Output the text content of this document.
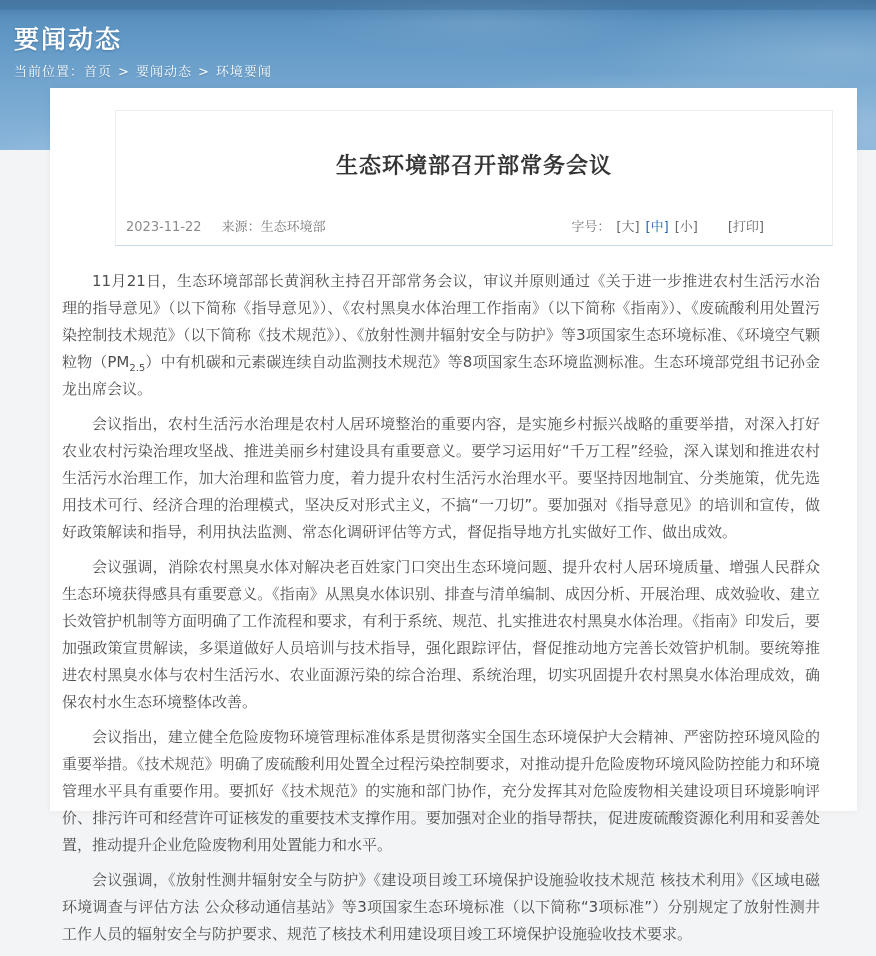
要闻动态
当前位置：首页 > 要闻动态 > 环境要闻
生态环境部召开部常务会议
2023-11-22 来源：生态环境部	字号： [大] [中] [小] [打印]

11月21日，生态环境部部长黄润秋主持召开部常务会议，审议并原则通过《关于进一步推进农村生活污水治理的指导意见》（以下简称《指导意见》）、《农村黑臭水体治理工作指南》（以下简称《指南》）、《废硫酸利用处置污染控制技术规范》（以下简称《技术规范》）、《放射性测井辐射安全与防护》等3项国家生态环境标准、《环境空气颗粒物$(PM_{2.5})$中有机碳和元素碳连续自动监测技术规范》等8项国家生态环境监测标准。生态环境部党组书记孙金龙出席会议。

会议指出，农村生活污水治理是农村人居环境整治的重要内容，是实施乡村振兴战略的重要举措，对深入打好农业农村污染治理攻坚战、推进美丽乡村建设具有重要意义。要学习运用好“千万工程”经验，深入谋划和推进农村生活污水治理工作，加大治理和监管力度，着力提升农村生活污水治理水平。要坚持因地制宜、分类施策，优先选用技术可行、经济合理的治理模式，坚决反对形式主义，不搞“一刀切”。要加强对《指导意见》的培训和宣传，做好政策解读和指导，利用执法监测、常态化调研评估等方式，督促指导地方扎实做好工作、做出成效。

会议强调，消除农村黑臭水体对解决老百姓家门口突出生态环境问题、提升农村人居环境质量、增强人民群众生态环境获得感具有重要意义。《指南》从黑臭水体识别、排查与清单编制、成因分析、开展治理、成效验收、建立长效管护机制等方面明确了工作流程和要求，有利于系统、规范、扎实推进农村黑臭水体治理。《指南》印发后，要加强政策宣贯解读，多渠道做好人员培训与技术指导，强化跟踪评估，督促推动地方完善长效管护机制。要统筹推进农村黑臭水体与农村生活污水、农业面源污染的综合治理、系统治理，切实巩固提升农村黑臭水体治理成效，确保农村水生态环境整体改善。

会议指出，建立健全危险废物环境管理标准体系是贯彻落实全国生态环境保护大会精神、严密防控环境风险的重要举措。《技术规范》明确了废硫酸利用处置全过程污染控制要求，对推动提升危险废物环境风险防控能力和环境管理水平具有重要作用。要抓好《技术规范》的实施和部门协作，充分发挥其对危险废物相关建设项目环境影响评价、排污许可和经营许可证核发的重要技术支撑作用。要加强对企业的指导帮扶，促进废硫酸资源化利用和妥善处置，推动提升企业危险废物利用处置能力和水平。

会议强调，《放射性测井辐射安全与防护》《建设项目竣工环境保护设施验收技术规范 核技术利用》《区域电磁环境调查与评估方法 公众移动通信基站》等3项国家生态环境标准（以下简称“3项标准”）分别规定了放射性测井工作人员的辐射安全与防护要求、规范了核技术利用建设项目竣工环境保护设施验收技术要求。
